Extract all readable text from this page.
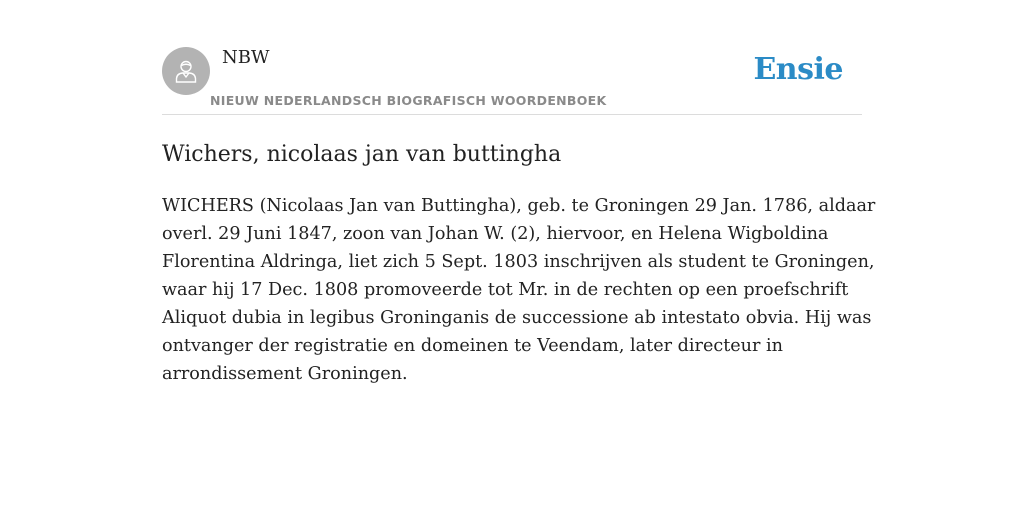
NBW
NIEUW NEDERLANDSCH BIOGRAFISCH WOORDENBOEK
Ensie
Wichers, nicolaas jan van buttingha

WICHERS (Nicolaas Jan van Buttingha), geb. te Groningen 29 Jan. 1786, aldaar
overl. 29 Juni 1847, zoon van Johan W. (2), hiervoor, en Helena Wigboldina
Florentina Aldringa, liet zich 5 Sept. 1803 inschrijven als student te Groningen,
waar hij 17 Dec. 1808 promoveerde tot Mr. in de rechten op een proefschrift
Aliquot dubia in legibus Groninganis de successione ab intestato obvia. Hij was
ontvanger der registratie en domeinen te Veendam, later directeur in
arrondissement Groningen.
